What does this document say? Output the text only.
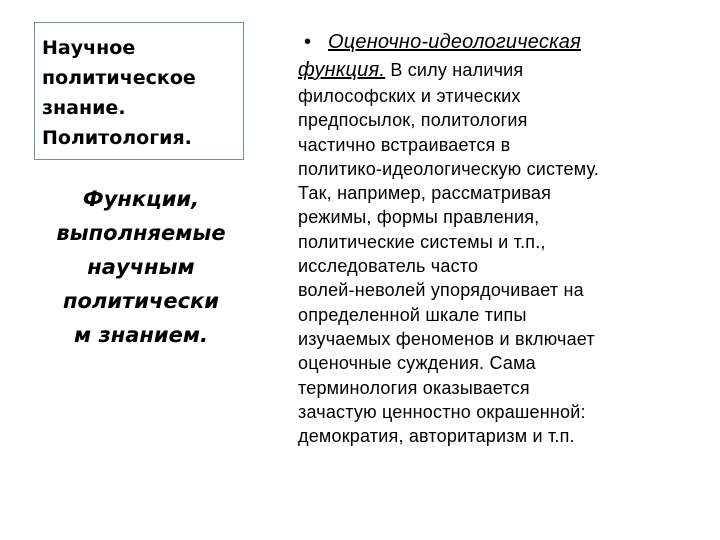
Научное
политическое
знание.
Политология.

Функции,
выполняемые
научным
политически
м знанием.

• Оценочно-идеологическая
функция. В силу наличия
философских и этических
предпосылок, политология
частично встраивается в
политико-идеологическую систему.
Так, например, рассматривая
режимы, формы правления,
политические системы и т.п.,
исследователь часто
волей-неволей упорядочивает на
определенной шкале типы
изучаемых феноменов и включает
оценочные суждения. Сама
терминология оказывается
зачастую ценностно окрашенной:
демократия, авторитаризм и т.п.
